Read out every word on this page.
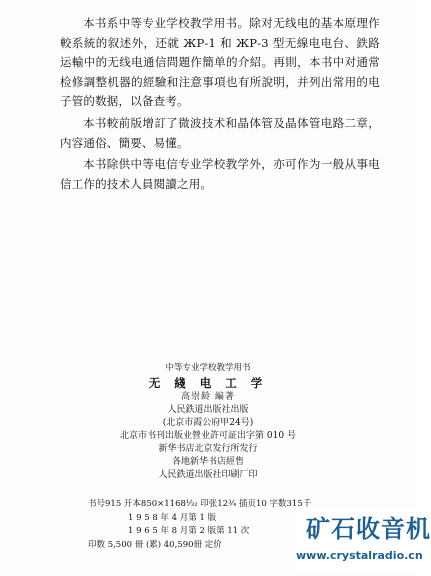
本书系中等专业学校教学用书。除对无线电的基本原理作較系統的叙述外，还就 ЖР-1 和 ЖР-3 型无線电电台、鉄路运輸中的无线电通信問題作簡单的介紹。再則，本书中对通常检修調整机器的經驗和注意事項也有所說明，并列出常用的电子管的数据，以备查考。

本书較前版增訂了微波技术和晶体管及晶体管电路二章，内容通俗、簡要、易懂。

本书除供中等电信专业学校教学外，亦可作为一般从事电信工作的技术人員閱讀之用。

中等专业学校教学用书
无 綫 电 工 学
高崇龄 編著
人民鉄道出版社出版
(北京市霞公府甲24号)
北京市书刊出版业營业許可証出字第 010 号
新华书店北京发行所发行
各地新华书店經售
人民鉄道出版社印刷厂印
书号915 开本850×1168¹⁄₃₂ 印张12¾ 插页10 字数315千
1 9 5 8 年 4 月第 1 版
1 9 6 5 年 8 月第 2 版第 11 次
印数 5,500 冊 (累) 40,590冊 定价
矿石收音机
www.crystalradio.cn
